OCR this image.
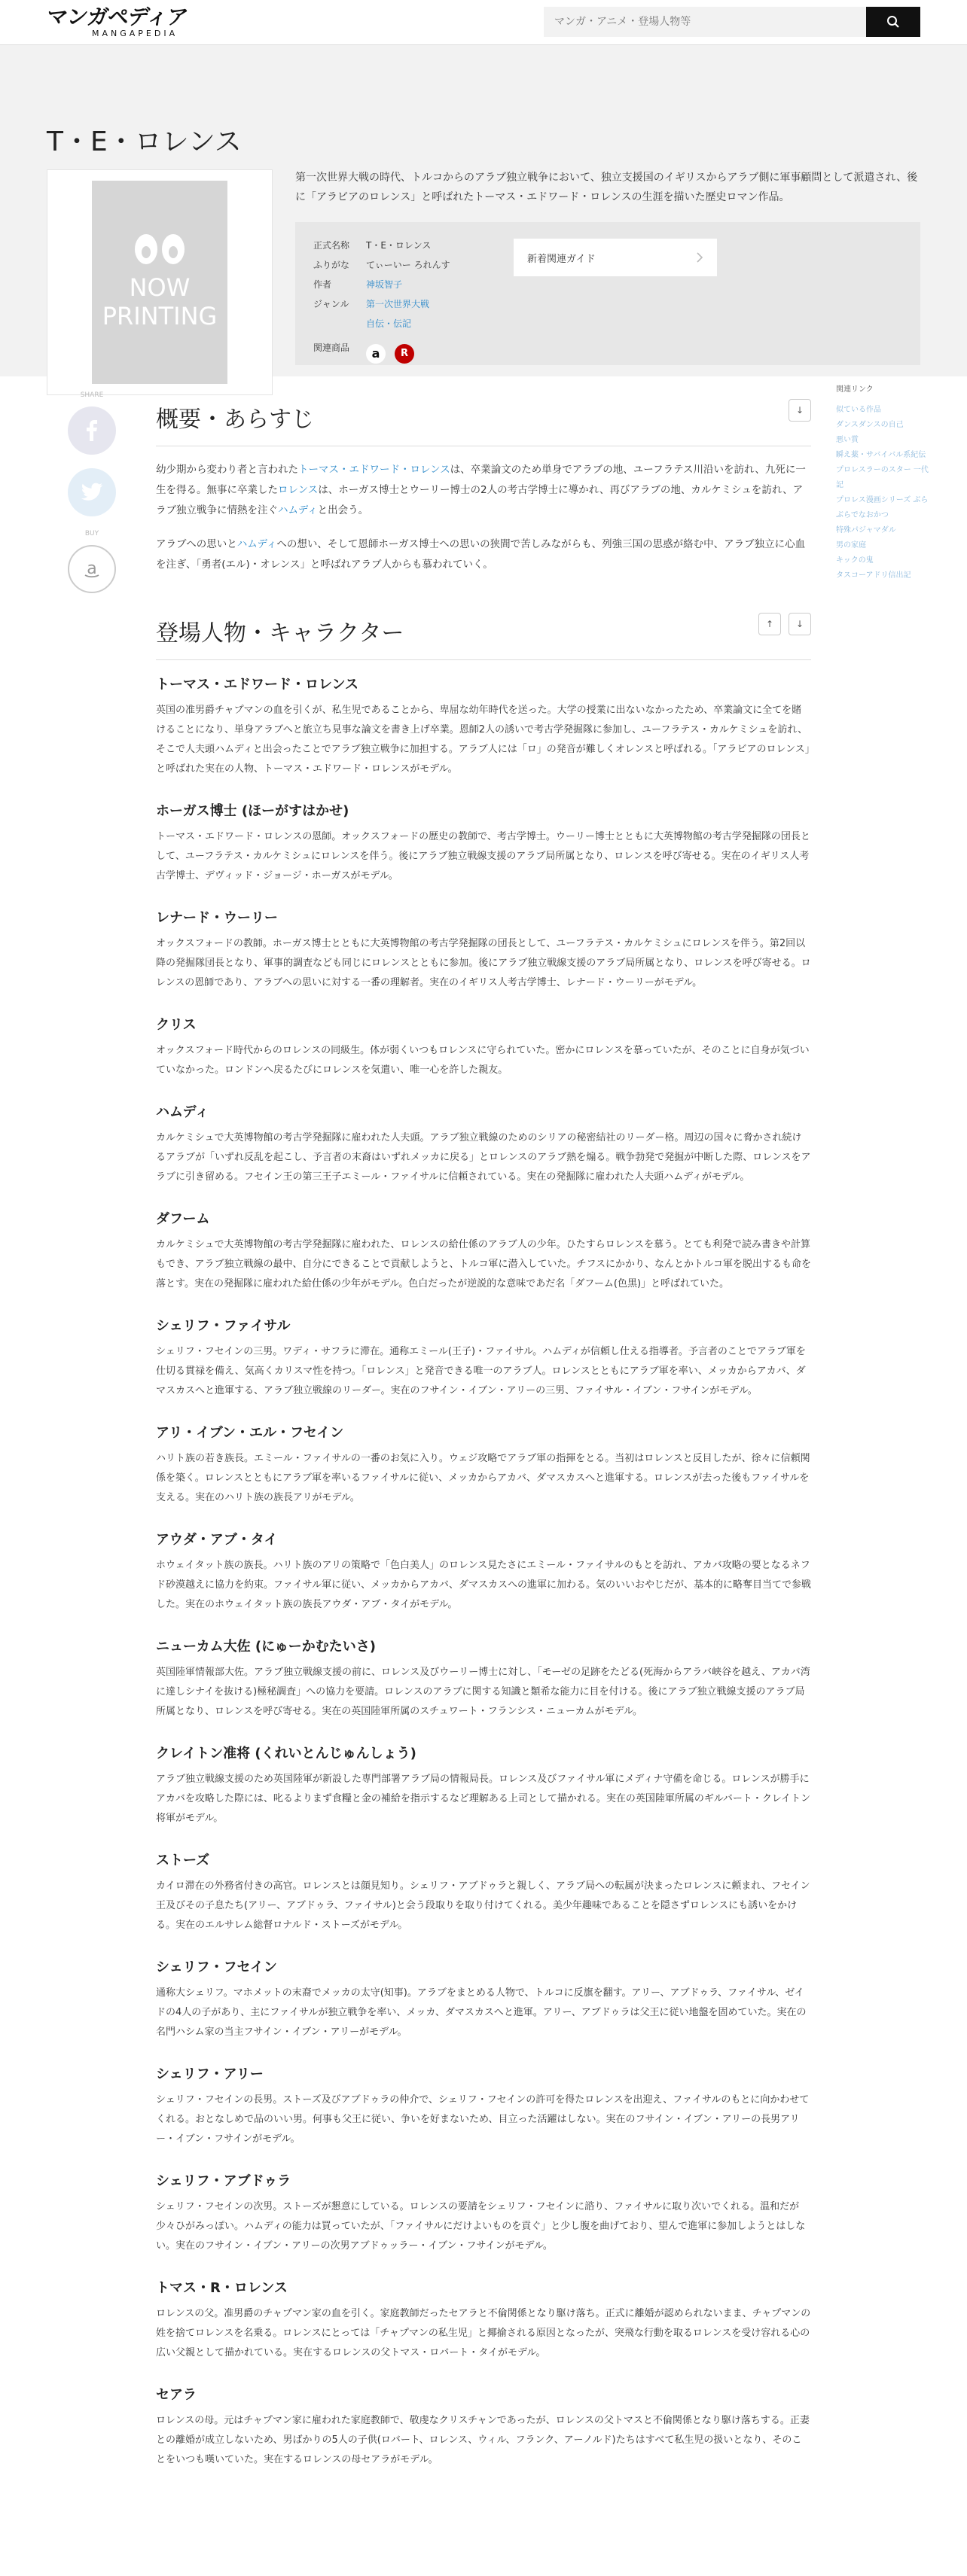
マンガペディア
MANGAPEDIA
マンガ・アニメ・登場人物等
T・E・ロレンス
NOW
PRINTING

第一次世界大戦の時代、トルコからのアラブ独立戦争において、独立支援国のイギリスからアラブ側に軍事顧問として派遣され、後に「アラビアのロレンス」と呼ばれたトーマス・エドワード・ロレンスの生涯を描いた歴史ロマン作品。

正式名称	T・E・ロレンス
ふりがな	てぃーいー ろれんす
作者	神坂智子
ジャンル	第一次世界大戦
自伝・伝記
関連商品	a	R
新着関連ガイド
SHARE
BUY
a
概要・あらすじ	↓

幼少期から変わり者と言われたトーマス・エドワード・ロレンスは、卒業論文のため単身でアラブの地、ユーフラテス川沿いを訪れ、九死に一生を得る。無事に卒業したロレンスは、ホーガス博士とウーリー博士の2人の考古学博士に導かれ、再びアラブの地、カルケミシュを訪れ、アラブ独立戦争に情熱を注ぐハムディと出会う。

アラブへの思いとハムディへの想い、そして恩師ホーガス博士への思いの狭間で苦しみながらも、列強三国の思惑が絡む中、アラブ独立に心血を注ぎ、「勇者(エル)・オレンス」と呼ばれアラブ人からも慕われていく。

登場人物・キャラクター	↑	↓
トーマス・エドワード・ロレンス

英国の准男爵チャプマンの血を引くが、私生児であることから、卑屈な幼年時代を送った。大学の授業に出ないなかったため、卒業論文に全てを賭けることになり、単身アラブへと旅立ち見事な論文を書き上げ卒業。恩師2人の誘いで考古学発掘隊に参加し、ユーフラテス・カルケミシュを訪れ、そこで人夫頭ハムディと出会ったことでアラブ独立戦争に加担する。アラブ人には「ロ」の発音が難しくオレンスと呼ばれる。「アラビアのロレンス」と呼ばれた実在の人物、トーマス・エドワード・ロレンスがモデル。

ホーガス博士 (ほーがすはかせ)

トーマス・エドワード・ロレンスの恩師。オックスフォードの歴史の教師で、考古学博士。ウーリー博士とともに大英博物館の考古学発掘隊の団長として、ユーフラテス・カルケミシュにロレンスを伴う。後にアラブ独立戦線支援のアラブ局所属となり、ロレンスを呼び寄せる。実在のイギリス人考古学博士、デヴィッド・ジョージ・ホーガスがモデル。

レナード・ウーリー

オックスフォードの教師。ホーガス博士とともに大英博物館の考古学発掘隊の団長として、ユーフラテス・カルケミシュにロレンスを伴う。第2回以降の発掘隊団長となり、軍事的調査なども同じにロレンスとともに参加。後にアラブ独立戦線支援のアラブ局所属となり、ロレンスを呼び寄せる。ロレンスの恩師であり、アラブへの思いに対する一番の理解者。実在のイギリス人考古学博士、レナード・ウーリーがモデル。

クリス

オックスフォード時代からのロレンスの同級生。体が弱くいつもロレンスに守られていた。密かにロレンスを慕っていたが、そのことに自身が気づいていなかった。ロンドンへ戻るたびにロレンスを気遣い、唯一心を許した親友。

ハムディ

カルケミシュで大英博物館の考古学発掘隊に雇われた人夫頭。アラブ独立戦線のためのシリアの秘密結社のリーダー格。周辺の国々に脅かされ続けるアラブが「いずれ反乱を起こし、予言者の末裔はいずれメッカに戻る」とロレンスのアラブ熱を煽る。戦争勃発で発掘が中断した際、ロレンスをアラブに引き留める。フセイン王の第三王子エミール・ファイサルに信頼されている。実在の発掘隊に雇われた人夫頭ハムディがモデル。

ダフーム

カルケミシュで大英博物館の考古学発掘隊に雇われた、ロレンスの給仕係のアラブ人の少年。ひたすらロレンスを慕う。とても利発で読み書きや計算もでき、アラブ独立戦線の最中、自分にできることで貢献しようと、トルコ軍に潜入していた。チフスにかかり、なんとかトルコ軍を脱出するも命を落とす。実在の発掘隊に雇われた給仕係の少年がモデル。色白だったが逆説的な意味であだ名「ダフーム(色黒)」と呼ばれていた。

シェリフ・ファイサル

シェリフ・フセインの三男。ワディ・サフラに滞在。通称エミール(王子)・ファイサル。ハムディが信頼し仕える指導者。予言者のことでアラブ軍を仕切る貫禄を備え、気高くカリスマ性を持つ。「ロレンス」と発音できる唯一のアラブ人。ロレンスとともにアラブ軍を率い、メッカからアカバ、ダマスカスへと進軍する、アラブ独立戦線のリーダー。実在のフサイン・イブン・アリーの三男、ファイサル・イブン・フサインがモデル。

アリ・イブン・エル・フセイン

ハリト族の若き族長。エミール・ファイサルの一番のお気に入り。ウェジ攻略でアラブ軍の指揮をとる。当初はロレンスと反目したが、徐々に信頼関係を築く。ロレンスとともにアラブ軍を率いるファイサルに従い、メッカからアカバ、ダマスカスへと進軍する。ロレンスが去った後もファイサルを支える。実在のハリト族の族長アリがモデル。

アウダ・アブ・タイ

ホウェイタット族の族長。ハリト族のアリの策略で「色白美人」のロレンス見たさにエミール・ファイサルのもとを訪れ、アカバ攻略の要となるネフド砂漠越えに協力を約束。ファイサル軍に従い、メッカからアカバ、ダマスカスへの進軍に加わる。気のいいおやじだが、基本的に略奪目当てで参戦した。実在のホウェイタット族の族長アウダ・アブ・タイがモデル。

ニューカム大佐 (にゅーかむたいさ)

英国陸軍情報部大佐。アラブ独立戦線支援の前に、ロレンス及びウーリー博士に対し、「モーゼの足跡をたどる(死海からアラバ峡谷を越え、アカバ湾に達しシナイを抜ける)極秘調査」への協力を要請。ロレンスのアラブに関する知識と類希な能力に目を付ける。後にアラブ独立戦線支援のアラブ局所属となり、ロレンスを呼び寄せる。実在の英国陸軍所属のスチュワート・フランシス・ニューカムがモデル。

クレイトン准将 (くれいとんじゅんしょう)

アラブ独立戦線支援のため英国陸軍が新設した専門部署アラブ局の情報局長。ロレンス及びファイサル軍にメディナ守備を命じる。ロレンスが勝手にアカバを攻略した際には、叱るよりまず食糧と金の補給を指示するなど理解ある上司として描かれる。実在の英国陸軍所属のギルバート・クレイトン将軍がモデル。

ストーズ

カイロ滞在の外務省付きの高官。ロレンスとは顔見知り。シェリフ・アブドゥラと親しく、アラブ局への転属が決まったロレンスに頼まれ、フセイン王及びその子息たち(アリー、アブドゥラ、ファイサル)と会う段取りを取り付けてくれる。美少年趣味であることを隠さずロレンスにも誘いをかける。実在のエルサレム総督ロナルド・ストーズがモデル。

シェリフ・フセイン

通称大シェリフ。マホメットの末裔でメッカの太守(知事)。アラブをまとめる人物で、トルコに反旗を翻す。アリー、アブドゥラ、ファイサル、ゼイドの4人の子があり、主にファイサルが独立戦争を率い、メッカ、ダマスカスへと進軍。アリー、アブドゥラは父王に従い地盤を固めていた。実在の名門ハシム家の当主フサイン・イブン・アリーがモデル。

シェリフ・アリー

シェリフ・フセインの長男。ストーズ及びアブドゥラの仲介で、シェリフ・フセインの許可を得たロレンスを出迎え、ファイサルのもとに向かわせてくれる。おとなしめで品のいい男。何事も父王に従い、争いを好まないため、目立った活躍はしない。実在のフサイン・イブン・アリーの長男アリー・イブン・フサインがモデル。

シェリフ・アブドゥラ

シェリフ・フセインの次男。ストーズが懇意にしている。ロレンスの要請をシェリフ・フセインに諮り、ファイサルに取り次いでくれる。温和だが少々ひがみっぽい。ハムディの能力は買っていたが、「ファイサルにだけよいものを貢ぐ」と少し腹を曲げており、望んで進軍に参加しようとはしない。実在のフサイン・イブン・アリーの次男アブドゥッラー・イブン・フサインがモデル。

トマス・R・ロレンス

ロレンスの父。准男爵のチャプマン家の血を引く。家庭教師だったセアラと不倫関係となり駆け落ち。正式に離婚が認められないまま、チャプマンの姓を捨てロレンスを名乗る。ロレンスにとっては「チャプマンの私生児」と揶揄される原因となったが、突飛な行動を取るロレンスを受け容れる心の広い父親として描かれている。実在するロレンスの父トマス・ロバート・タイがモデル。

セアラ

ロレンスの母。元はチャプマン家に雇われた家庭教師で、敬虔なクリスチャンであったが、ロレンスの父トマスと不倫関係となり駆け落ちする。正妻との離婚が成立しないため、男ばかりの5人の子供(ロバート、ロレンス、ウィル、フランク、アーノルド)たちはすべて私生児の扱いとなり、そのことをいつも嘆いていた。実在するロレンスの母セアラがモデル。

関連リンク
似ている作品
ダンスダンスの自己
悪い賞
瞬え薬・サバイバル系紀伝
プロレスラーのスター 一代記
プロレス漫画シリーズ ぶらぶらでなおかつ
特殊パジャマダル
男の家庭
キックの鬼
タスコーアドリ信出記
